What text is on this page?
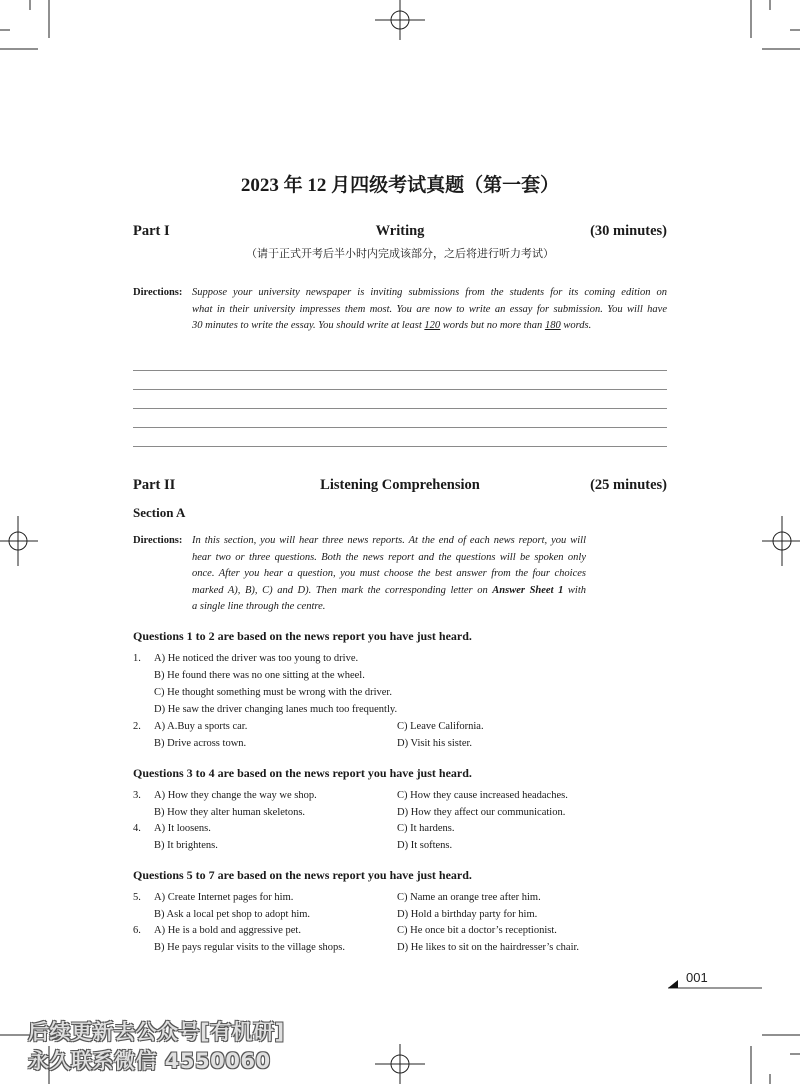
2023 年 12 月四级考试真题（第一套）
Part I	Writing	(30 minutes)
（请于正式开考后半小时内完成该部分，之后将进行听力考试）
Directions: Suppose your university newspaper is inviting submissions from the students for its coming edition on
what in their university impresses them most. You are now to write an essay for submission. You will have
30 minutes to write the essay. You should write at least 120 words but no more than 180 words.
Part II	Listening Comprehension	(25 minutes)
Section A
Directions: In this section, you will hear three news reports. At the end of each news report, you will
hear two or three questions. Both the news report and the questions will be spoken only
once. After you hear a question, you must choose the best answer from the four choices
marked A), B), C) and D). Then mark the corresponding letter on Answer Sheet 1 with
a single line through the centre.
Questions 1 to 2 are based on the news report you have just heard.
1. A) He noticed the driver was too young to drive.
B) He found there was no one sitting at the wheel.
C) He thought something must be wrong with the driver.
D) He saw the driver changing lanes much too frequently.
2. A) A.Buy a sports car.	C) Leave California.
B) Drive across town.	D) Visit his sister.
Questions 3 to 4 are based on the news report you have just heard.
3. A) How they change the way we shop.	C) How they cause increased headaches.
B) How they alter human skeletons.	D) How they affect our communication.
4. A) It loosens.	C) It hardens.
B) It brightens.	D) It softens.
Questions 5 to 7 are based on the news report you have just heard.
5. A) Create Internet pages for him.	C) Name an orange tree after him.
B) Ask a local pet shop to adopt him.	D) Hold a birthday party for him.
6. A) He is a bold and aggressive pet.	C) He once bit a doctor’s receptionist.
B) He pays regular visits to the village shops.	D) He likes to sit on the hairdresser’s chair.
001
后续更新去公众号[有机研]
永久联系微信 4550060
